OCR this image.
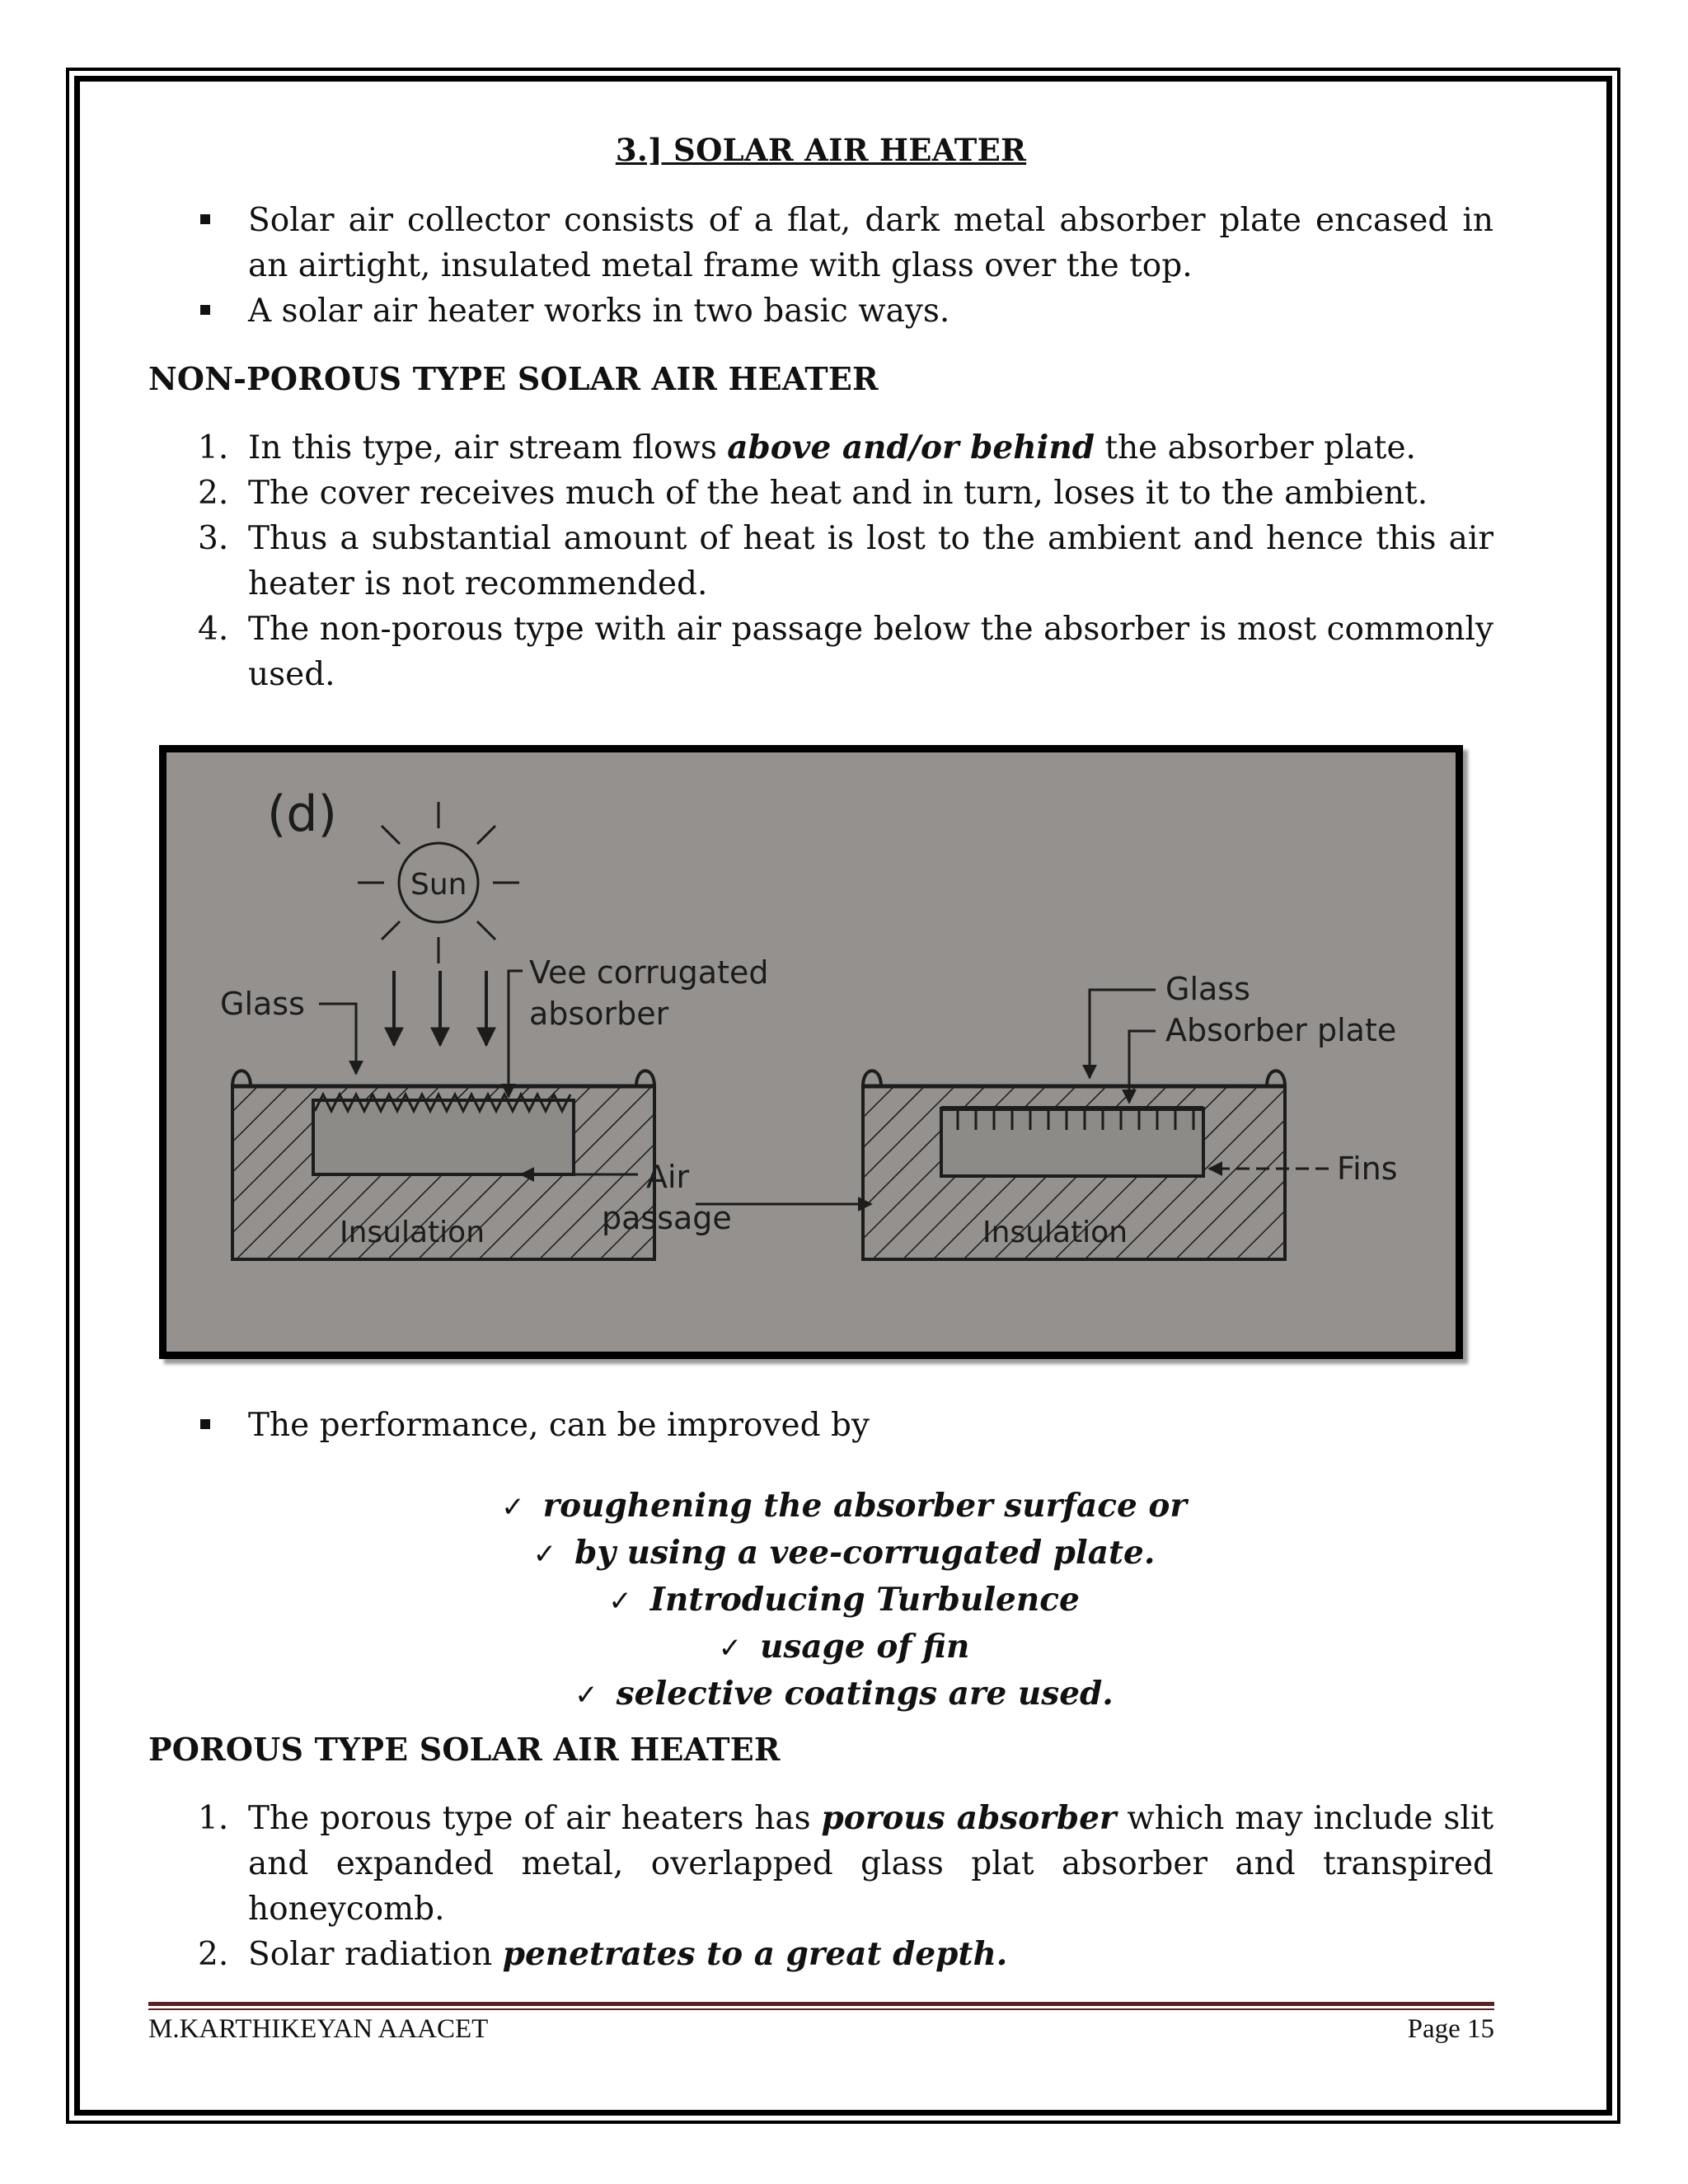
3.] SOLAR AIR HEATER
Solar air collector consists of a flat, dark metal absorber plate encased in an airtight, insulated metal frame with glass over the top.
A solar air heater works in two basic ways.
NON-POROUS TYPE SOLAR AIR HEATER
1. In this type, air stream flows above and/or behind the absorber plate.
2. The cover receives much of the heat and in turn, loses it to the ambient.
3. Thus a substantial amount of heat is lost to the ambient and hence this air heater is not recommended.
4. The non-porous type with air passage below the absorber is most commonly used.
(d)
Sun
Insulation
Glass
Vee corrugated
absorber
Air
passage	Insulation
Glass
Absorber plate
Fins
The performance, can be improved by
✓ roughening the absorber surface or
✓ by using a vee-corrugated plate.
✓ Introducing Turbulence
✓ usage of fin
✓ selective coatings are used.
POROUS TYPE SOLAR AIR HEATER
1. The porous type of air heaters has porous absorber which may include slit and expanded metal, overlapped glass plat absorber and transpired honeycomb.
2. Solar radiation penetrates to a great depth.
M.KARTHIKEYAN AAACET	Page 15
